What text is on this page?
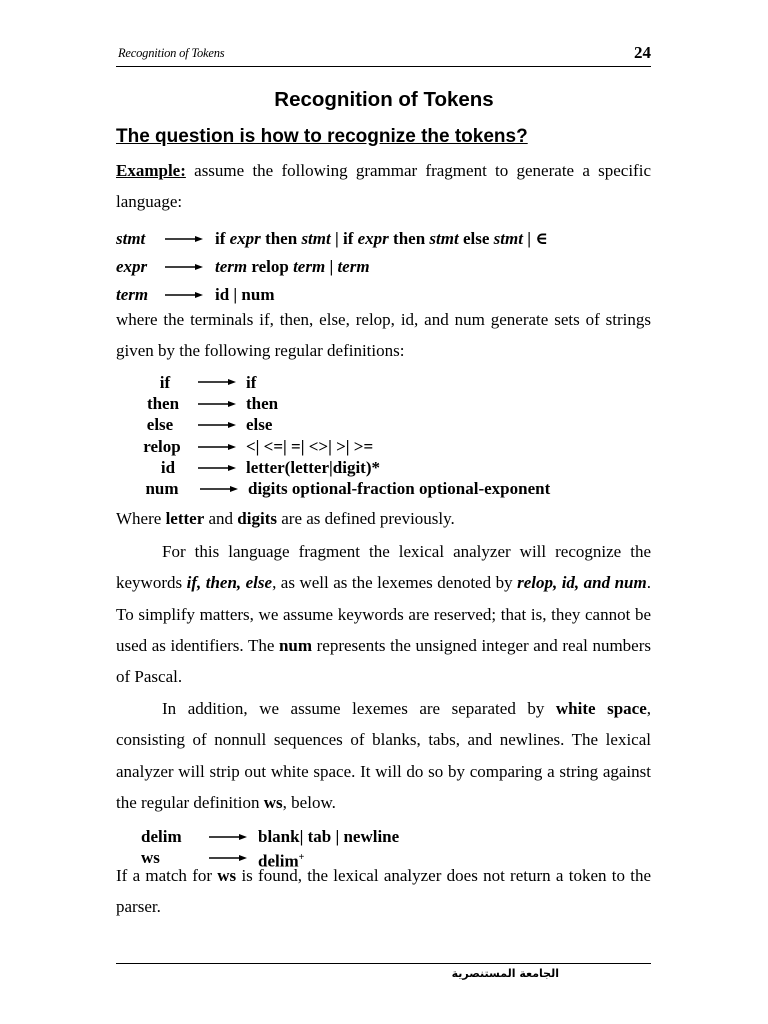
Recognition of Tokens	24
Recognition of Tokens
The question is how to recognize the tokens?
Example: assume the following grammar fragment to generate a specific language:
stmt	if expr then stmt | if expr then stmt else stmt | ∈
expr	term relop term | term
term	id | num
where the terminals if, then, else, relop, id, and num generate sets of strings given by the following regular definitions:
if	if
then	then
else	else
relop	<| <=| =| <>| >| >=
id	letter(letter|digit)*
num	digits optional-fraction optional-exponent
Where letter and digits are as defined previously.
For this language fragment the lexical analyzer will recognize the keywords if, then, else, as well as the lexemes denoted by relop, id, and num. To simplify matters, we assume keywords are reserved; that is, they cannot be used as identifiers. The num represents the unsigned integer and real numbers of Pascal.
In addition, we assume lexemes are separated by white space, consisting of nonnull sequences of blanks, tabs, and newlines. The lexical analyzer will strip out white space. It will do so by comparing a string against the regular definition ws, below.
delim	blank| tab | newline
ws	delim+
If a match for ws is found, the lexical analyzer does not return a token to the parser.
الجامعة المستنصرية
